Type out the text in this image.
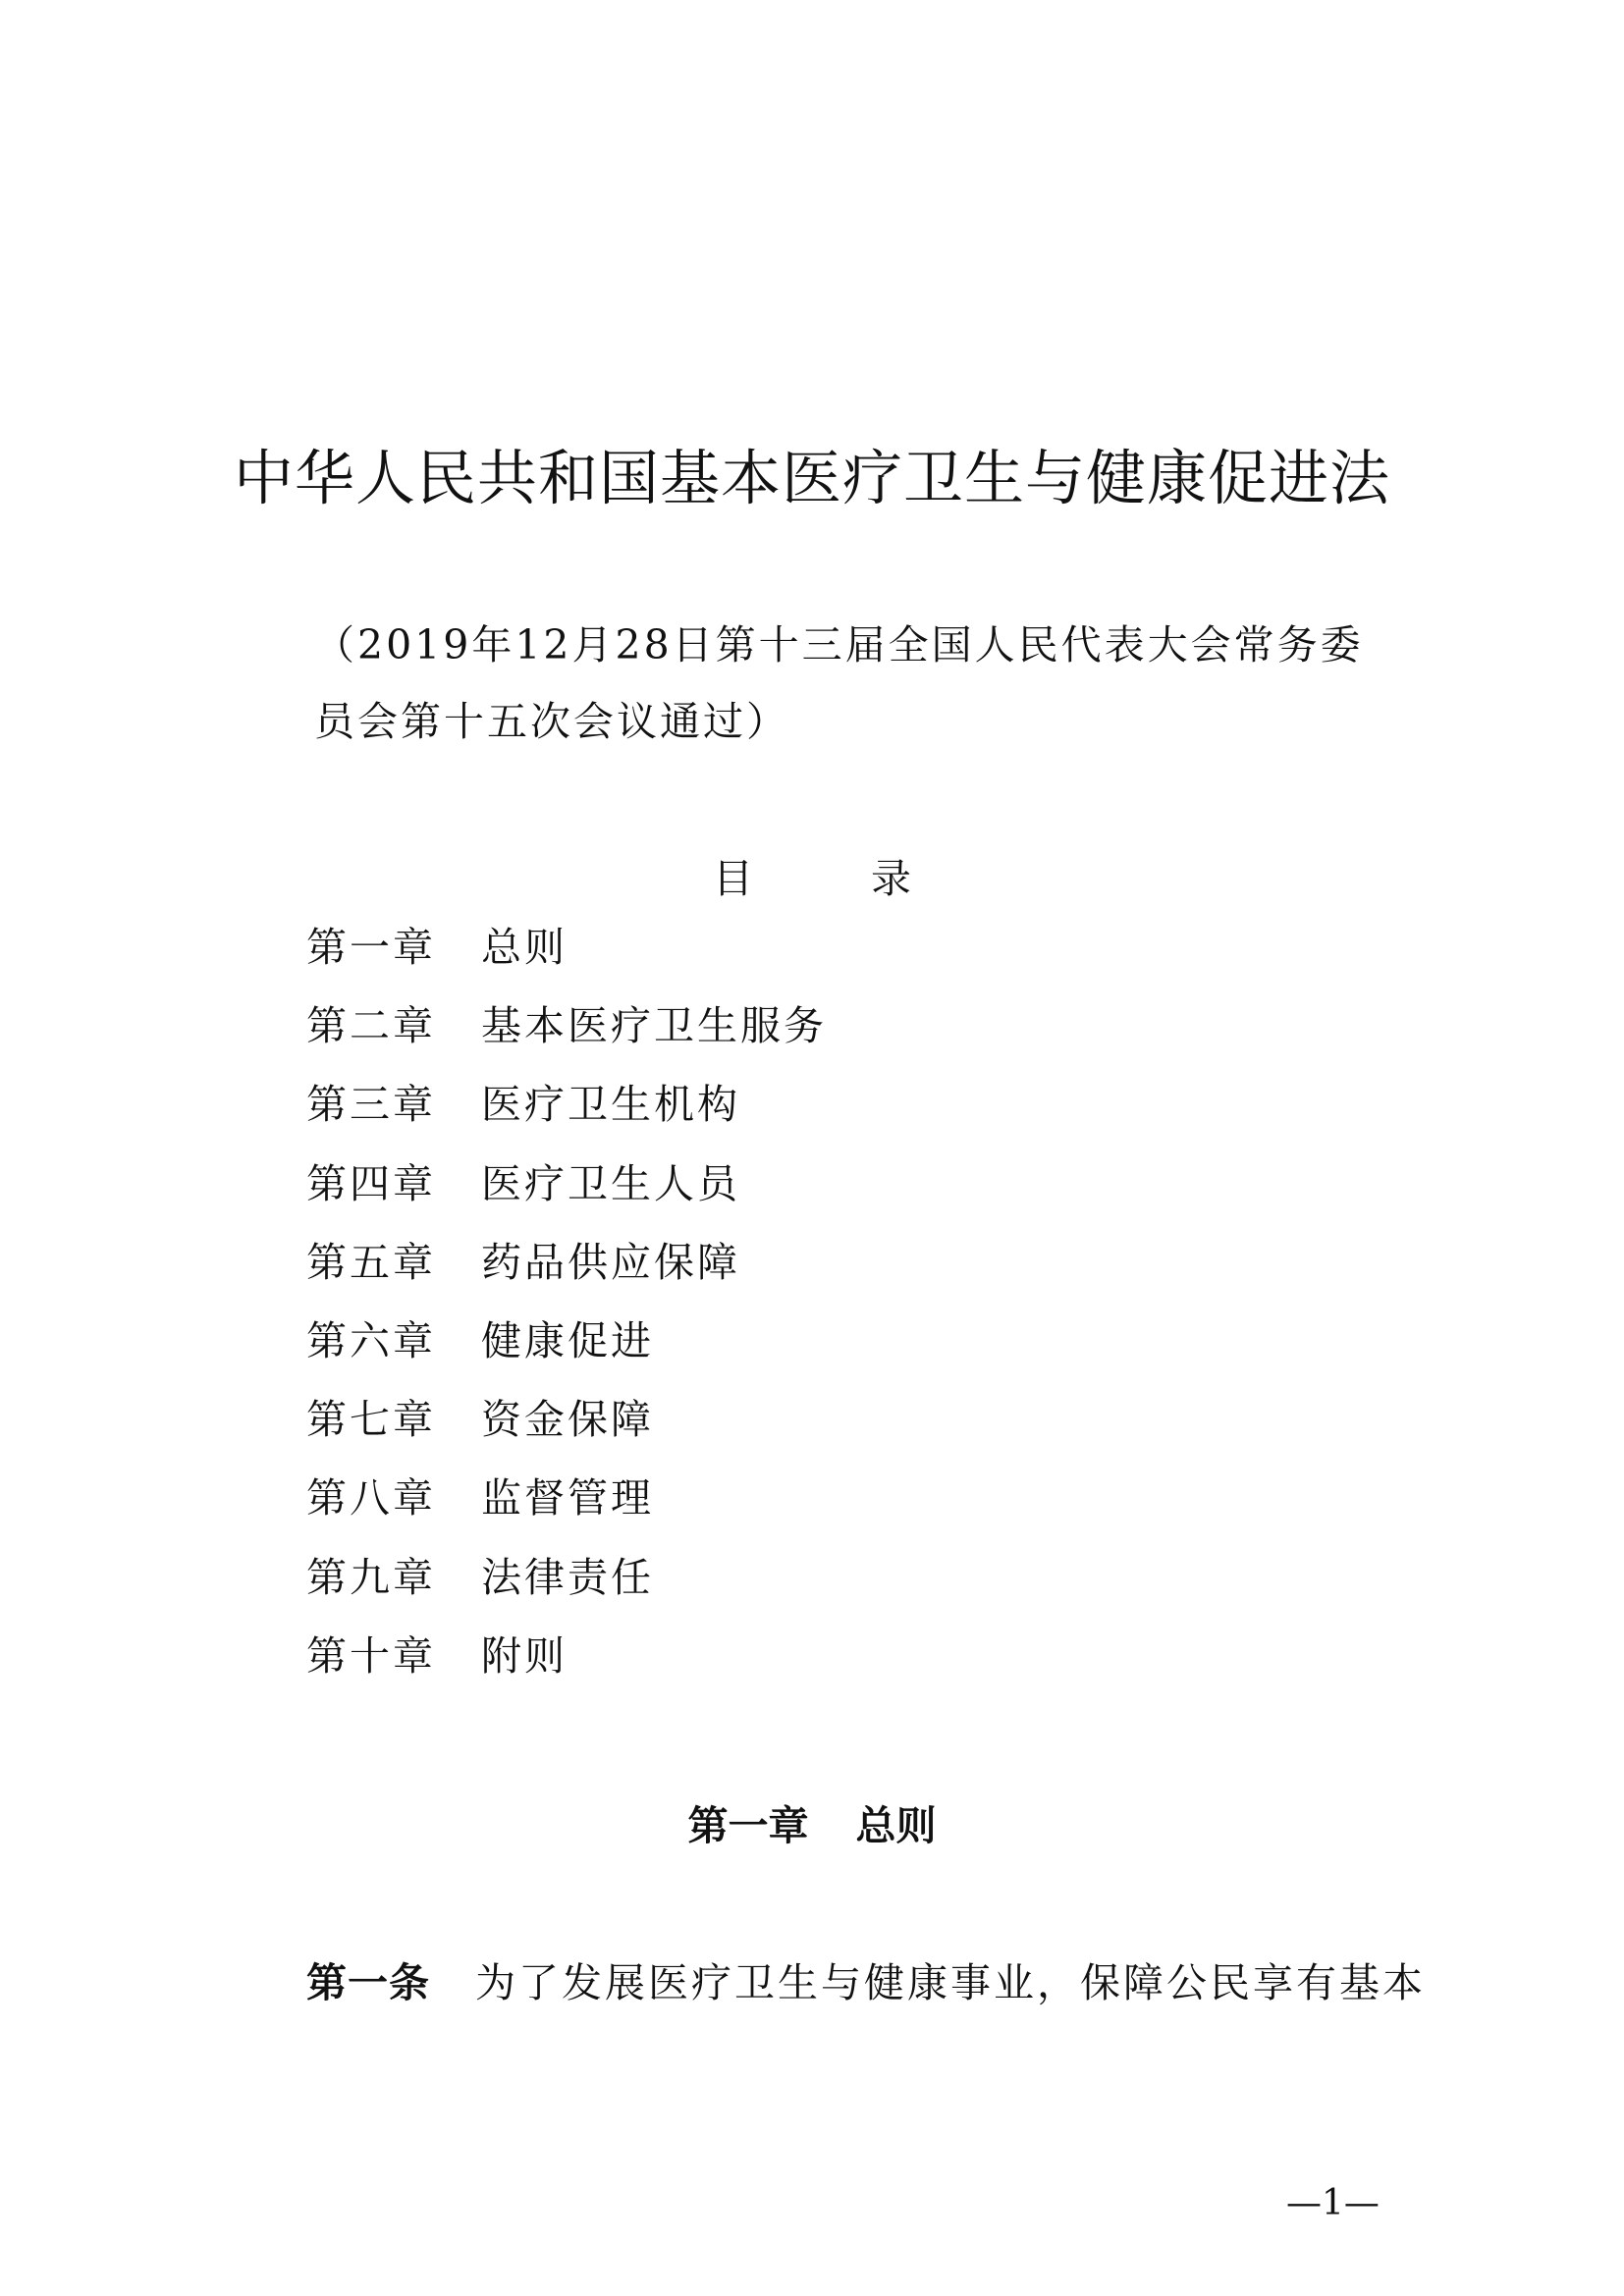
中华人民共和国基本医疗卫生与健康促进法
（2019年12月28日第十三届全国人民代表大会常务委
员会第十五次会议通过）
目	录
第一章 总则
第二章 基本医疗卫生服务
第三章 医疗卫生机构
第四章 医疗卫生人员
第五章 药品供应保障
第六章 健康促进
第七章 资金保障
第八章 监督管理
第九章 法律责任
第十章 附则
第一章 总则
第一条 为了发展医疗卫生与健康事业，保障公民享有基本
—1—
